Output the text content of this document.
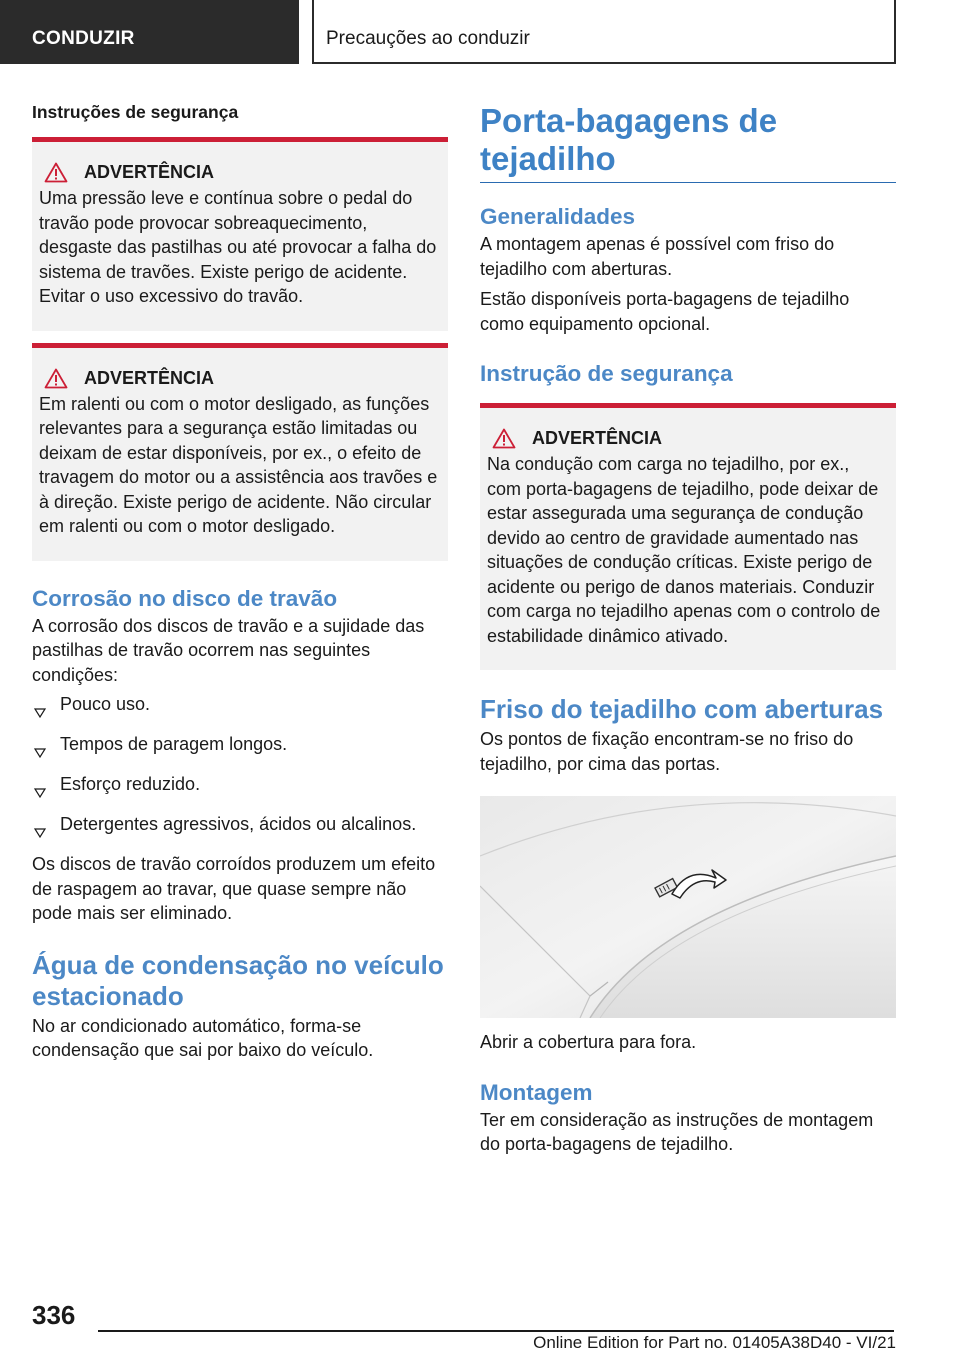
CONDUZIR	Precauções ao conduzir
Instruções de segurança
ADVERTÊNCIA

Uma pressão leve e contínua sobre o pedal do travão pode provocar sobreaquecimento, desgaste das pastilhas ou até provocar a falha do sistema de travões. Existe perigo de acidente. Evitar o uso excessivo do travão.

ADVERTÊNCIA

Em ralenti ou com o motor desligado, as funções relevantes para a segurança estão limitadas ou deixam de estar disponíveis, por ex., o efeito de travagem do motor ou a assistência aos travões e à direção. Existe perigo de acidente. Não circular em ralenti ou com o motor desligado.

Corrosão no disco de travão

A corrosão dos discos de travão e a sujidade das pastilhas de travão ocorrem nas seguintes condições:

Pouco uso.
Tempos de paragem longos.
Esforço reduzido.
Detergentes agressivos, ácidos ou alcalinos.

Os discos de travão corroídos produzem um efeito de raspagem ao travar, que quase sempre não pode mais ser eliminado.

Água de condensação no veículo estacionado

No ar condicionado automático, forma-se condensação que sai por baixo do veículo.

Porta-bagagens de tejadilho
Generalidades

A montagem apenas é possível com friso do tejadilho com aberturas.

Estão disponíveis porta-bagagens de tejadilho como equipamento opcional.

Instrução de segurança
ADVERTÊNCIA

Na condução com carga no tejadilho, por ex., com porta-bagagens de tejadilho, pode deixar de estar assegurada uma segurança de condução devido ao centro de gravidade aumentado nas situações de condução críticas. Existe perigo de acidente ou perigo de danos materiais. Conduzir com carga no tejadilho apenas com o controlo de estabilidade dinâmico ativado.

Friso do tejadilho com aberturas

Os pontos de fixação encontram-se no friso do tejadilho, por cima das portas.

Abrir a cobertura para fora.

Montagem

Ter em consideração as instruções de montagem do porta-bagagens de tejadilho.

336
Online Edition for Part no. 01405A38D40 - VI/21
